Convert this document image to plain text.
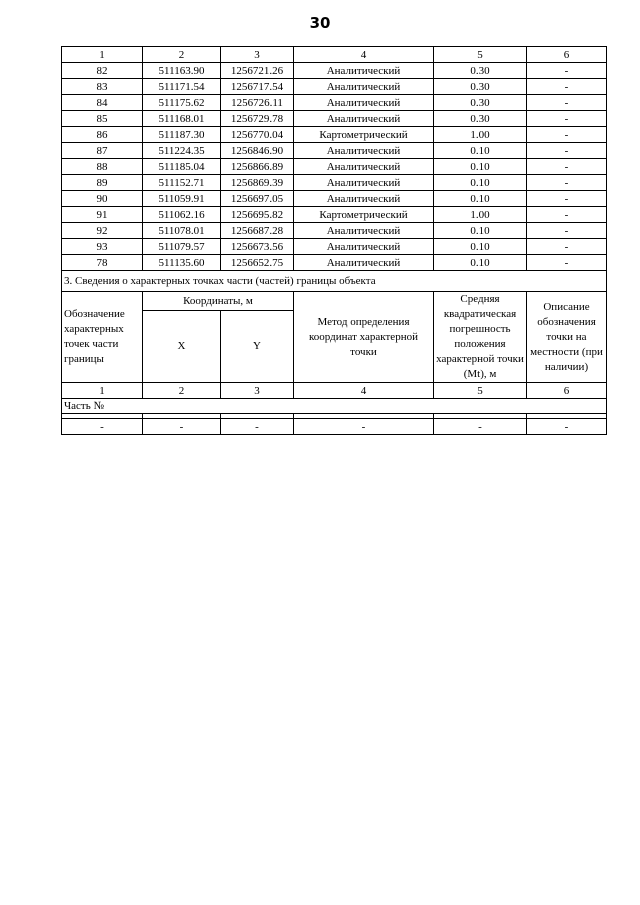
30
1	2	3	4	5	6
82	511163.90	1256721.26	Аналитический	0.30	-
83	511171.54	1256717.54	Аналитический	0.30	-
84	511175.62	1256726.11	Аналитический	0.30	-
85	511168.01	1256729.78	Аналитический	0.30	-
86	511187.30	1256770.04	Картометрический	1.00	-
87	511224.35	1256846.90	Аналитический	0.10	-
88	511185.04	1256866.89	Аналитический	0.10	-
89	511152.71	1256869.39	Аналитический	0.10	-
90	511059.91	1256697.05	Аналитический	0.10	-
91	511062.16	1256695.82	Картометрический	1.00	-
92	511078.01	1256687.28	Аналитический	0.10	-
93	511079.57	1256673.56	Аналитический	0.10	-
78	511135.60	1256652.75	Аналитический	0.10	-
3. Сведения о характерных точках части (частей) границы объекта					
Обозначение характерных точек части границы	Координаты, м		Метод определения координат характерной точки	Средняя квадратическая погрешность положения характерной точки (Mt), м	Описание обозначения точки на местности (при наличии)
	X	Y			
1	2	3	4	5	6
Часть №					

-	-	-	-	-	-
